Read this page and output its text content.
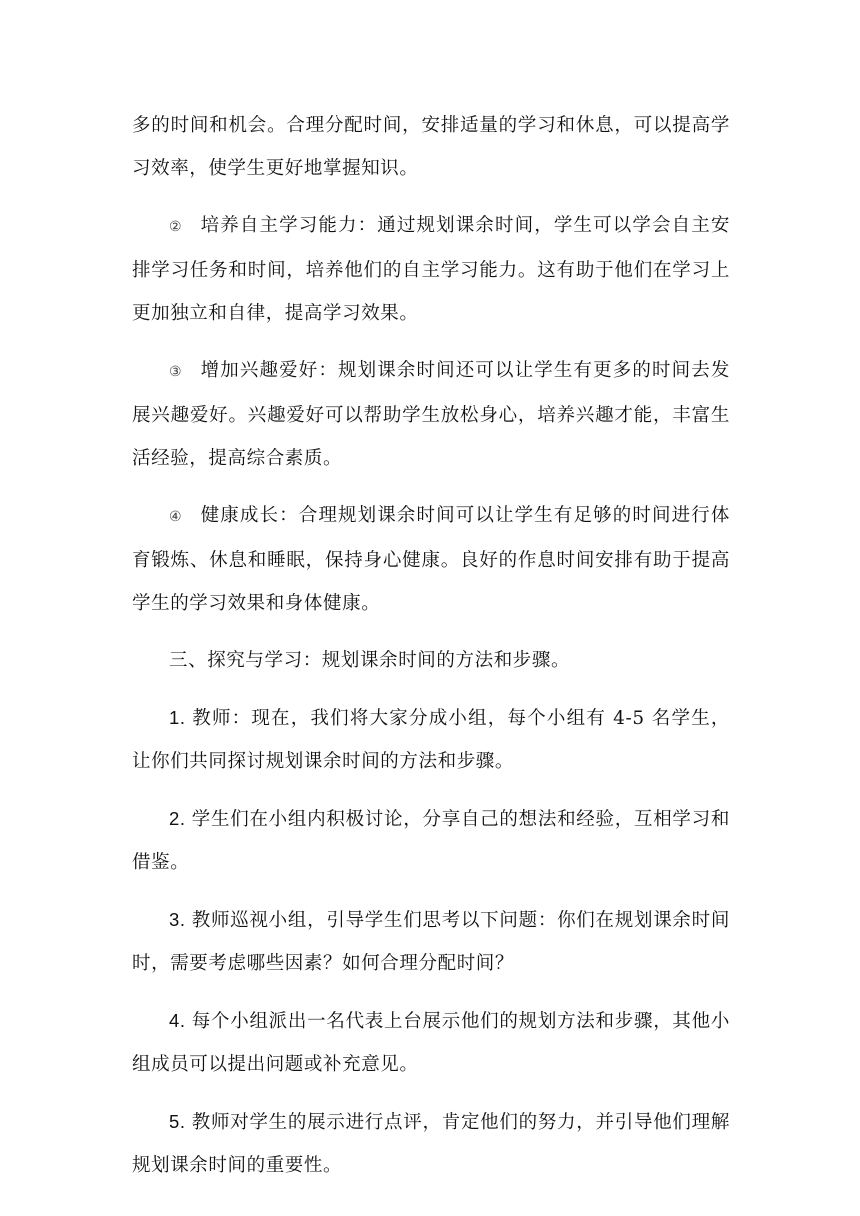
多的时间和机会。合理分配时间，安排适量的学习和休息，可以提高学习效率，使学生更好地掌握知识。

② 培养自主学习能力：通过规划课余时间，学生可以学会自主安排学习任务和时间，培养他们的自主学习能力。这有助于他们在学习上更加独立和自律，提高学习效果。

③ 增加兴趣爱好：规划课余时间还可以让学生有更多的时间去发展兴趣爱好。兴趣爱好可以帮助学生放松身心，培养兴趣才能，丰富生活经验，提高综合素质。

④ 健康成长：合理规划课余时间可以让学生有足够的时间进行体育锻炼、休息和睡眠，保持身心健康。良好的作息时间安排有助于提高学生的学习效果和身体健康。

三、探究与学习：规划课余时间的方法和步骤。

1. 教师：现在，我们将大家分成小组，每个小组有 4-5 名学生，让你们共同探讨规划课余时间的方法和步骤。

2. 学生们在小组内积极讨论，分享自己的想法和经验，互相学习和借鉴。

3. 教师巡视小组，引导学生们思考以下问题：你们在规划课余时间时，需要考虑哪些因素？如何合理分配时间？

4. 每个小组派出一名代表上台展示他们的规划方法和步骤，其他小组成员可以提出问题或补充意见。

5. 教师对学生的展示进行点评，肯定他们的努力，并引导他们理解规划课余时间的重要性。
